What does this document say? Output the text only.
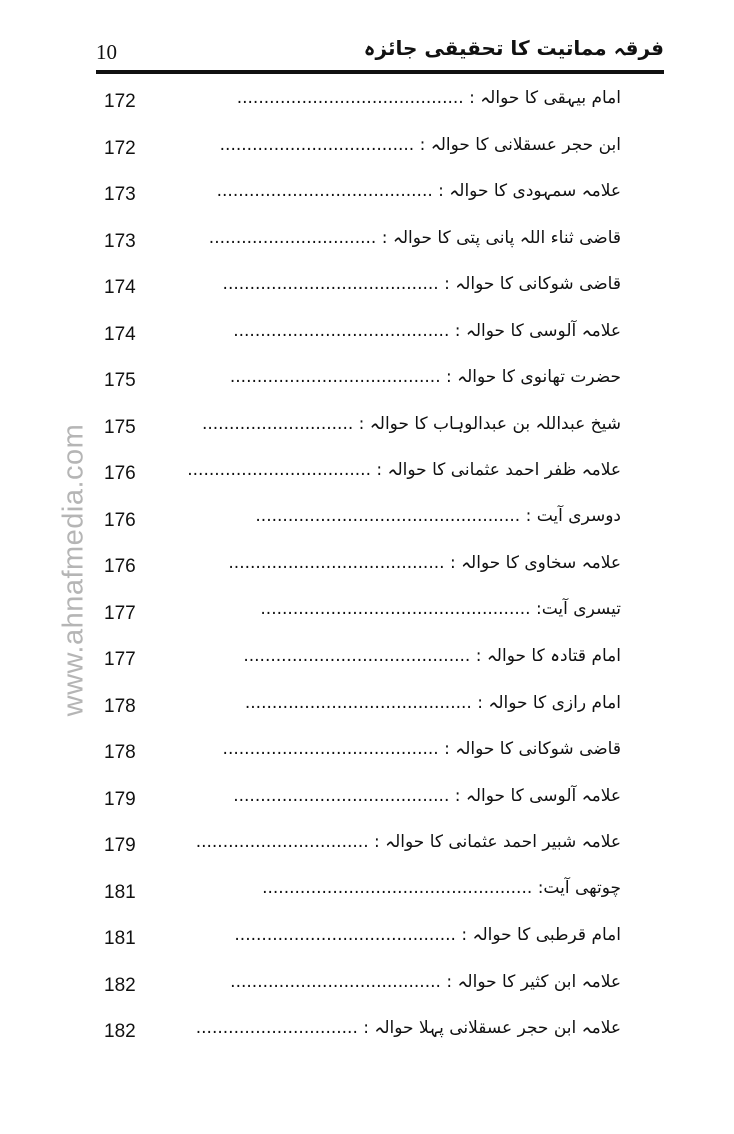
10	فرقہ مماتیت کا تحقیقی جائزہ
www.ahnafmedia.com
172	امام بیہقی کا حوالہ : ..........................................
172	ابن حجر عسقلانی کا حوالہ : ....................................
173	علامہ سمہودی کا حوالہ : ........................................
173	قاضی ثناء اللہ پانی پتی کا حوالہ : ...............................
174	قاضی شوکانی کا حوالہ : ........................................
174	علامہ آلوسی کا حوالہ : ........................................
175	حضرت تھانوی کا حوالہ : .......................................
175	شیخ عبداللہ بن عبدالوہاب کا حوالہ : ............................
176	علامہ ظفر احمد عثمانی کا حوالہ : ..................................
176	دوسری آیت : .................................................
176	علامہ سخاوی کا حوالہ : ........................................
177	تیسری آیت: ..................................................
177	امام قتادہ کا حوالہ : ..........................................
178	امام رازی کا حوالہ : ..........................................
178	قاضی شوکانی کا حوالہ : ........................................
179	علامہ آلوسی کا حوالہ : ........................................
179	علامہ شبیر احمد عثمانی کا حوالہ : ................................
181	چوتھی آیت: ..................................................
181	امام قرطبی کا حوالہ : .........................................
182	علامہ ابن کثیر کا حوالہ : .......................................
182	علامہ ابن حجر عسقلانی پہلا حوالہ : ..............................
